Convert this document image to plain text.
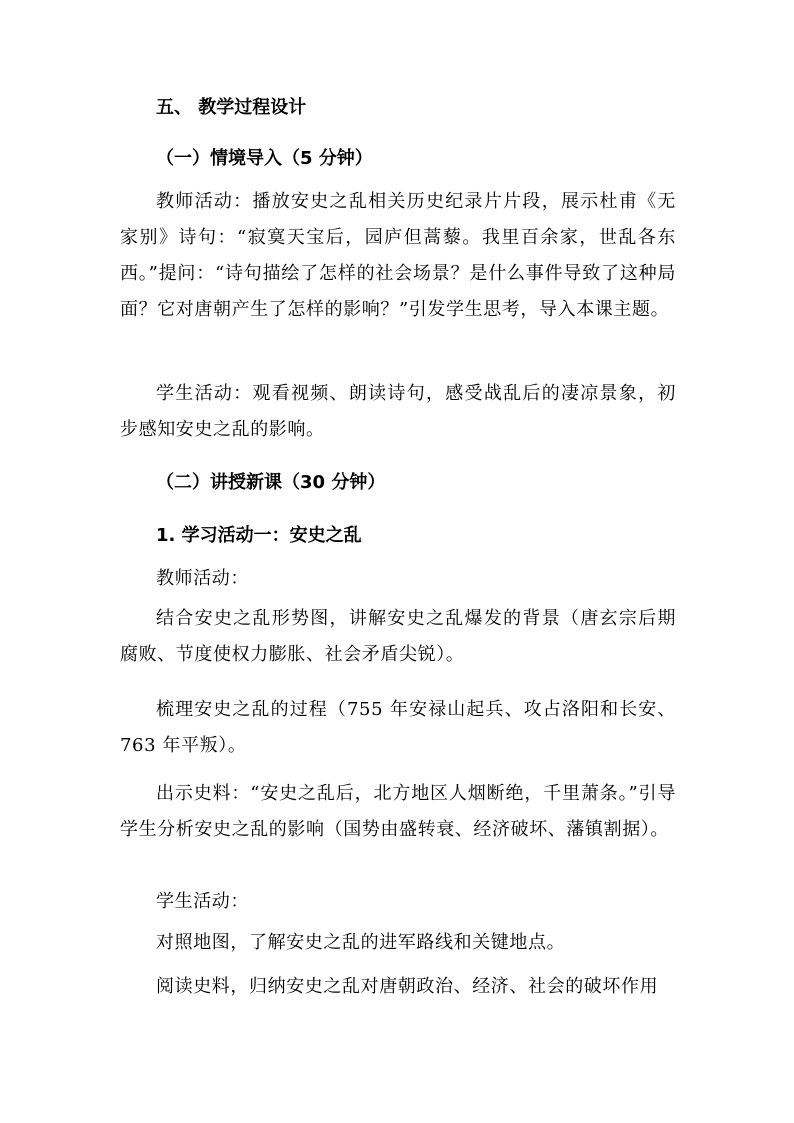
五、 教学过程设计
（一）情境导入（5 分钟）

教师活动：播放安史之乱相关历史纪录片片段，展示杜甫《无家别》诗句：“寂寞天宝后，园庐但蒿藜。我里百余家，世乱各东西。”提问：“诗句描绘了怎样的社会场景？是什么事件导致了这种局面？它对唐朝产生了怎样的影响？”引发学生思考，导入本课主题。

学生活动：观看视频、朗读诗句，感受战乱后的凄凉景象，初步感知安史之乱的影响。

（二）讲授新课（30 分钟）
1. 学习活动一：安史之乱

教师活动：

结合安史之乱形势图，讲解安史之乱爆发的背景（唐玄宗后期腐败、节度使权力膨胀、社会矛盾尖锐）。

梳理安史之乱的过程（755 年安禄山起兵、攻占洛阳和长安、763 年平叛）。

出示史料：“安史之乱后，北方地区人烟断绝，千里萧条。”引导学生分析安史之乱的影响（国势由盛转衰、经济破坏、藩镇割据）。

学生活动：

对照地图，了解安史之乱的进军路线和关键地点。

阅读史料，归纳安史之乱对唐朝政治、经济、社会的破坏作用
